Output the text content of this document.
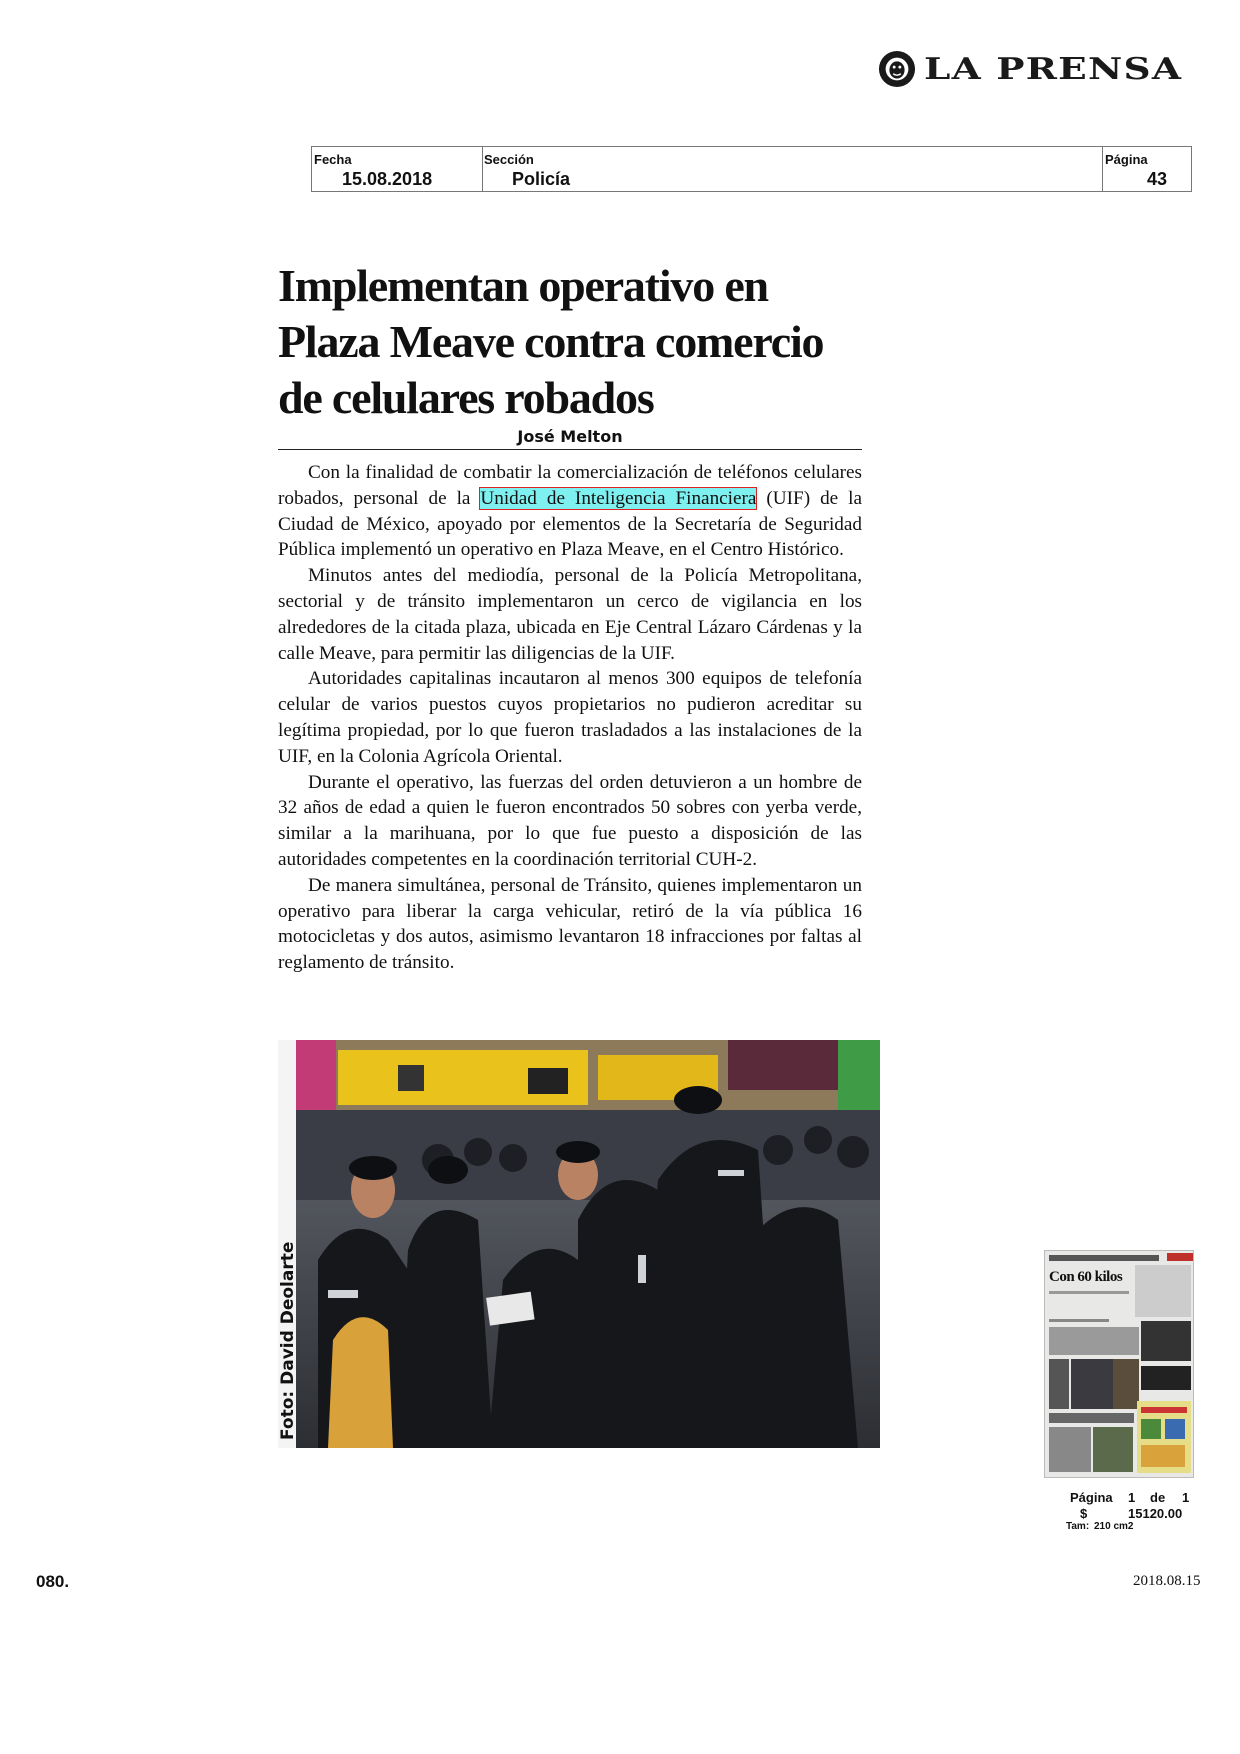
LA PRENSA
Fecha
15.08.2018
Sección
Policía
Página
43
Implementan operativo en
Plaza Meave contra comercio
de celulares robados
José Melton

Con la finalidad de combatir la comercialización de teléfonos celulares robados, personal de la Unidad de Inteligencia Financiera (UIF) de la Ciudad de México, apoyado por elementos de la Secretaría de Seguridad Pública implementó un operativo en Plaza Meave, en el Centro Histórico.

Minutos antes del mediodía, personal de la Policía Metropolitana, sectorial y de tránsito implementaron un cerco de vigilancia en los alrededores de la citada plaza, ubicada en Eje Central Lázaro Cárdenas y la calle Meave, para permitir las diligencias de la UIF.

Autoridades capitalinas incautaron al menos 300 equipos de telefonía celular de varios puestos cuyos propietarios no pudieron acreditar su legítima propiedad, por lo que fueron trasladados a las instalaciones de la UIF, en la Colonia Agrícola Oriental.

Durante el operativo, las fuerzas del orden detuvieron a un hombre de 32 años de edad a quien le fueron encontrados 50 sobres con yerba verde, similar a la marihuana, por lo que fue puesto a disposición de las autoridades competentes en la coordinación territorial CUH-2.

De manera simultánea, personal de Tránsito, quienes implementaron un operativo para liberar la carga vehicular, retiró de la vía pública 16 motocicletas y dos autos, asimismo levantaron 18 infracciones por faltas al reglamento de tránsito.

Con 60 kilos
Página 1 de 1
$	15120.00
Tam: 210 cm2
080.	2018.08.15
